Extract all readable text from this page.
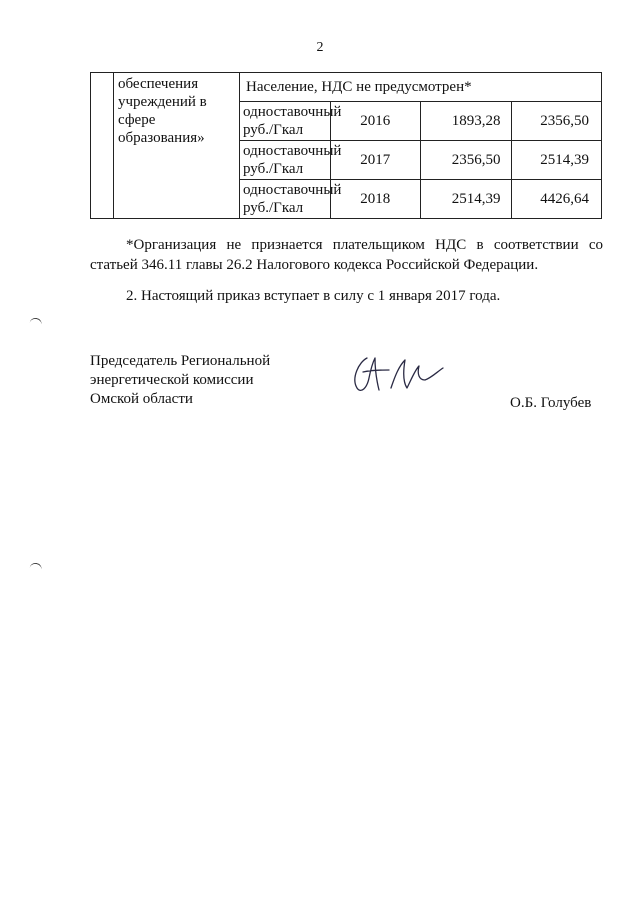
2

	обеспечения
учреждений в
сфере
образования»	Население, НДС не предусмотрен*			

		одноставочный
руб./Гкал	2016	1893,28	2356,50

		одноставочный
руб./Гкал	2017	2356,50	2514,39

		одноставочный
руб./Гкал	2018	2514,39	4426,64
*Организация не признается плательщиком НДС в соответствии со статьей 346.11 главы 26.2 Налогового кодекса Российской Федерации.
2. Настоящий приказ вступает в силу с 1 января 2017 года.
Председатель Региональной
энергетической комиссии
Омской области	О.Б. Голубев
